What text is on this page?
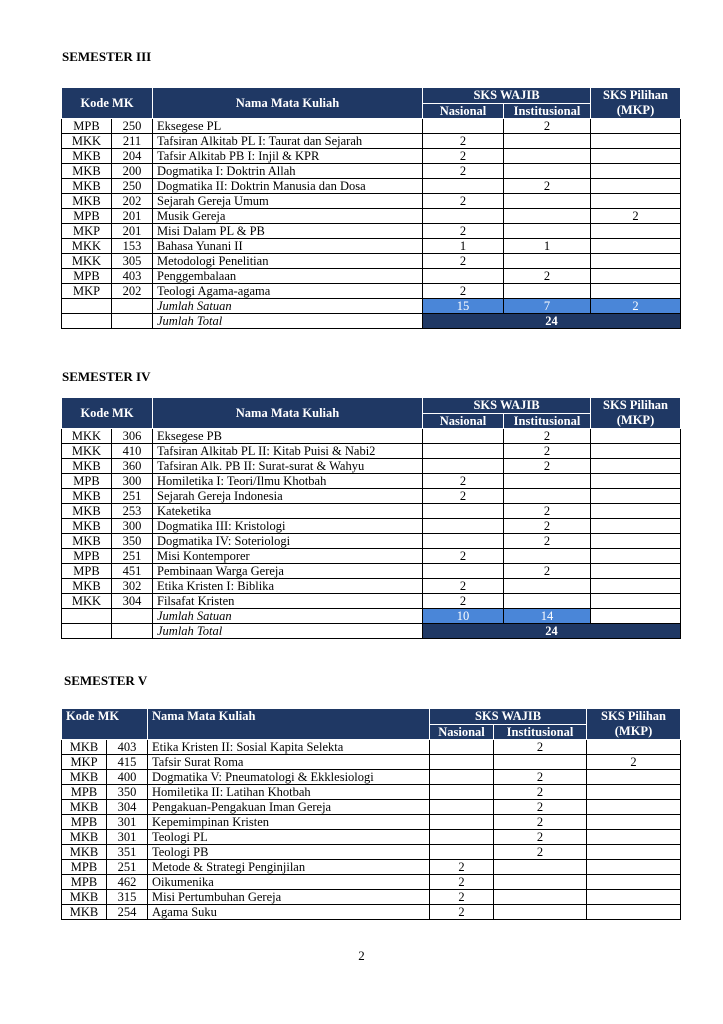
SEMESTER III
Kode MK		Nama Mata Kuliah	SKS WAJIB		SKS Pilihan
(MKP)
			Nasional	Institusional	
MPB	250	Eksegese PL		2	
MKK	211	Tafsiran Alkitab PL I: Taurat dan Sejarah	2		
MKB	204	Tafsir Alkitab PB I: Injil & KPR	2		
MKB	200	Dogmatika I: Doktrin Allah	2		
MKB	250	Dogmatika II: Doktrin Manusia dan Dosa		2	
MKB	202	Sejarah Gereja Umum	2		
MPB	201	Musik Gereja			2
MKP	201	Misi Dalam PL & PB	2		
MKK	153	Bahasa Yunani II	1	1	
MKK	305	Metodologi Penelitian	2		
MPB	403	Penggembalaan		2	
MKP	202	Teologi Agama-agama	2		
		Jumlah Satuan	15	7	2
		Jumlah Total	24		
SEMESTER IV
Kode MK		Nama Mata Kuliah	SKS WAJIB		SKS Pilihan
(MKP)
			Nasional	Institusional	
MKK	306	Eksegese PB		2	
MKK	410	Tafsiran Alkitab PL II: Kitab Puisi & Nabi2		2	
MKB	360	Tafsiran Alk. PB II: Surat-surat & Wahyu		2	
MPB	300	Homiletika I: Teori/Ilmu Khotbah	2		
MKB	251	Sejarah Gereja Indonesia	2		
MKB	253	Kateketika		2	
MKB	300	Dogmatika III: Kristologi		2	
MKB	350	Dogmatika IV: Soteriologi		2	
MPB	251	Misi Kontemporer	2		
MPB	451	Pembinaan Warga Gereja		2	
MKB	302	Etika Kristen I: Biblika	2		
MKK	304	Filsafat Kristen	2		
		Jumlah Satuan	10	14	
		Jumlah Total	24		
SEMESTER V
Kode MK		Nama Mata Kuliah	SKS WAJIB		SKS Pilihan
(MKP)
			Nasional	Institusional	
MKB	403	Etika Kristen II: Sosial Kapita Selekta		2	
MKP	415	Tafsir Surat Roma			2
MKB	400	Dogmatika V: Pneumatologi & Ekklesiologi		2	
MPB	350	Homiletika II: Latihan Khotbah		2	
MKB	304	Pengakuan-Pengakuan Iman Gereja		2	
MPB	301	Kepemimpinan Kristen		2	
MKB	301	Teologi PL		2	
MKB	351	Teologi PB		2	
MPB	251	Metode & Strategi Penginjilan	2		
MPB	462	Oikumenika	2		
MKB	315	Misi Pertumbuhan Gereja	2		
MKB	254	Agama Suku	2		
2
